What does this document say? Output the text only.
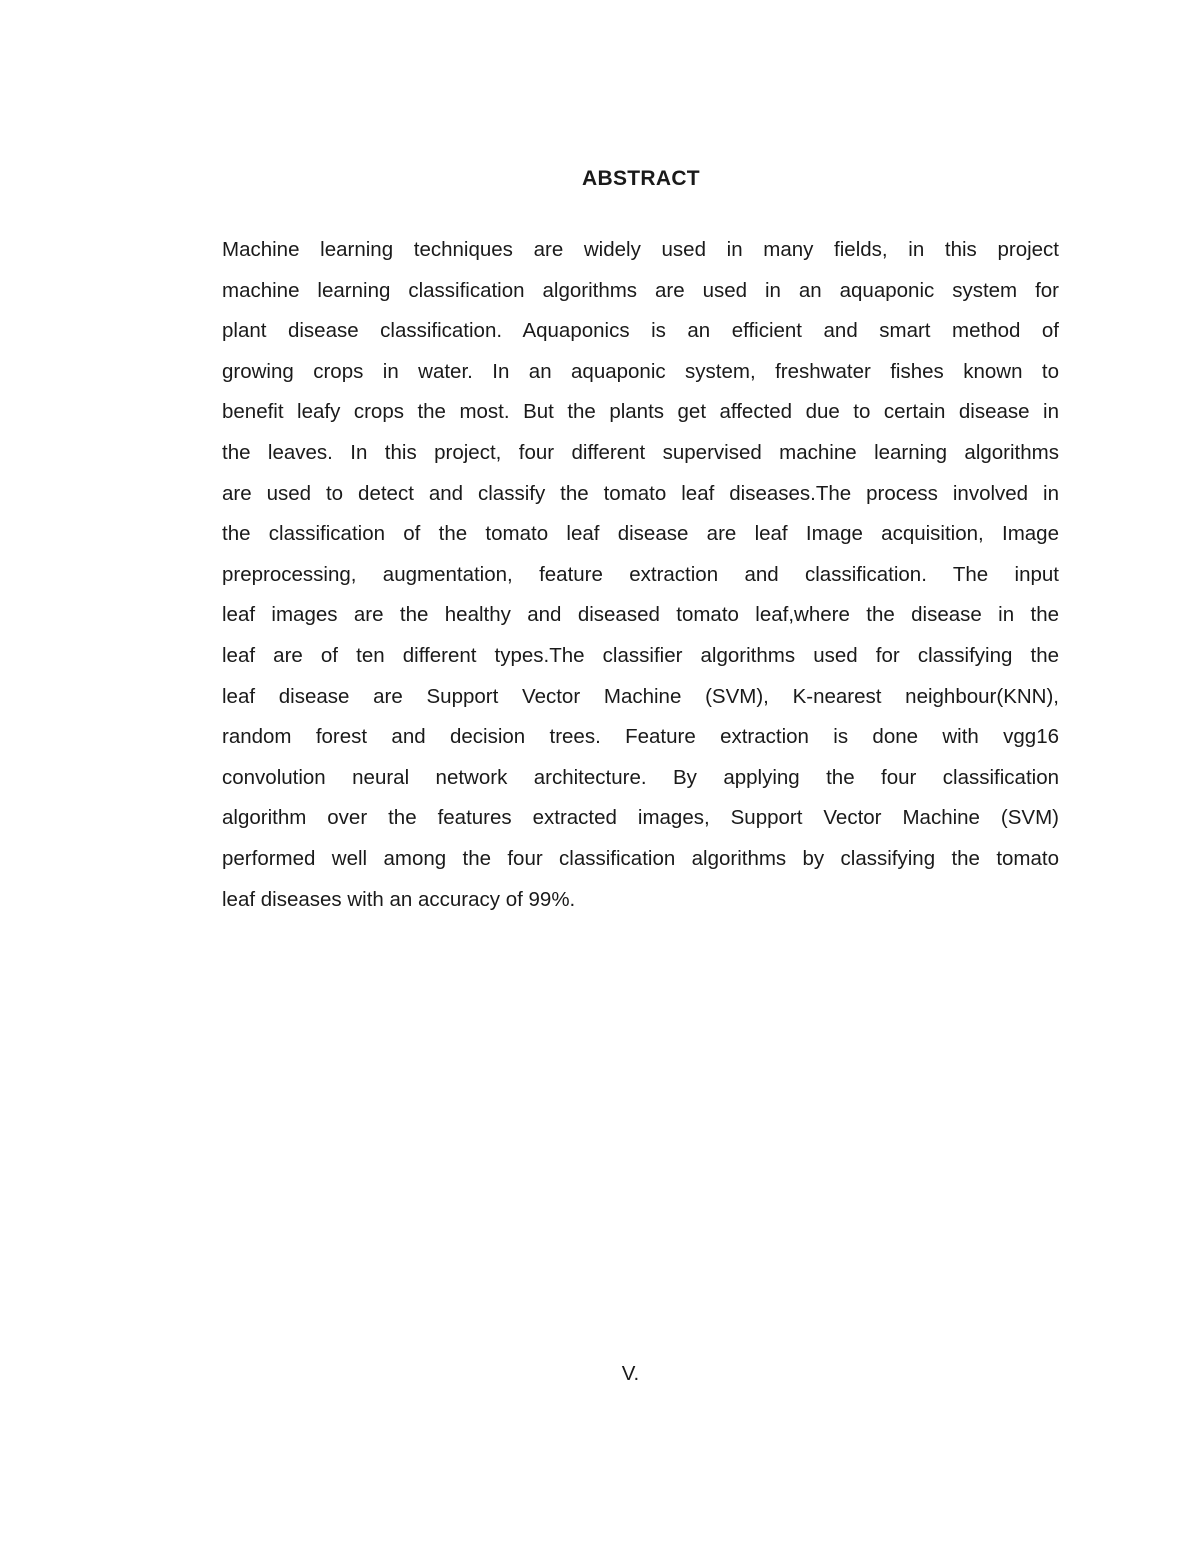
ABSTRACT
Machine learning techniques are widely used in many fields, in this project
machine learning classification algorithms are used in an aquaponic system for
plant disease classification. Aquaponics is an efficient and smart method of
growing crops in water. In an aquaponic system, freshwater fishes known to
benefit leafy crops the most. But the plants get affected due to certain disease in
the leaves. In this project, four different supervised machine learning algorithms
are used to detect and classify the tomato leaf diseases.The process involved in
the classification of the tomato leaf disease are leaf Image acquisition, Image
preprocessing, augmentation, feature extraction and classification. The input
leaf images are the healthy and diseased tomato leaf,where the disease in the
leaf are of ten different types.The classifier algorithms used for classifying the
leaf disease are Support Vector Machine (SVM), K-nearest neighbour(KNN),
random forest and decision trees. Feature extraction is done with vgg16
convolution neural network architecture. By applying the four classification
algorithm over the features extracted images, Support Vector Machine (SVM)
performed well among the four classification algorithms by classifying the tomato
leaf diseases with an accuracy of 99%.
V.
